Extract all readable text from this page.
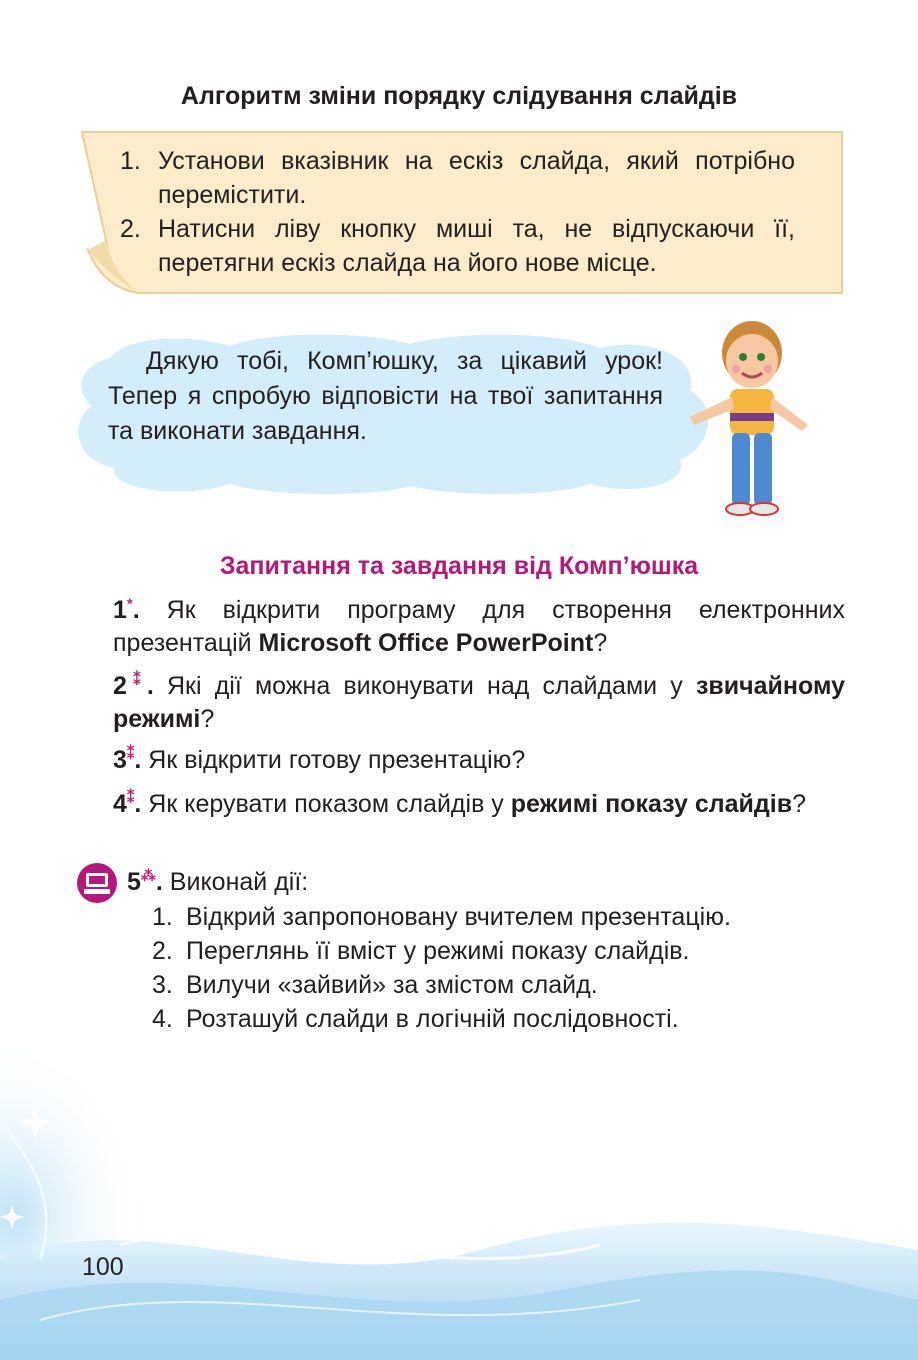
Алгоритм зміни порядку слідування слайдів
1. Установи вказівник на ескіз слайда, який потрібно перемістити.
2. Натисни ліву кнопку миші та, не відпускаючи її, перетягни ескіз слайда на його нове місце.

Дякую тобі, Комп’юшку, за цікавий урок! Тепер я спробую відповісти на твої запитання та виконати завдання.

Запитання та завдання від Комп’юшка

1*. Як відкрити програму для створення електронних презентацій Microsoft Office PowerPoint?

2⁑. Які дії можна виконувати над слайдами у звичайному режимі?

3⁑. Як відкрити готову презентацію?

4⁑. Як керувати показом слайдів у режимі показу слайдів?

5⁂. Виконай дії:

1. Відкрий запропоновану вчителем презентацію.
2. Переглянь її вміст у режимі показу слайдів.
3. Вилучи «зайвий» за змістом слайд.
4. Розташуй слайди в логічній послідовності.

100
